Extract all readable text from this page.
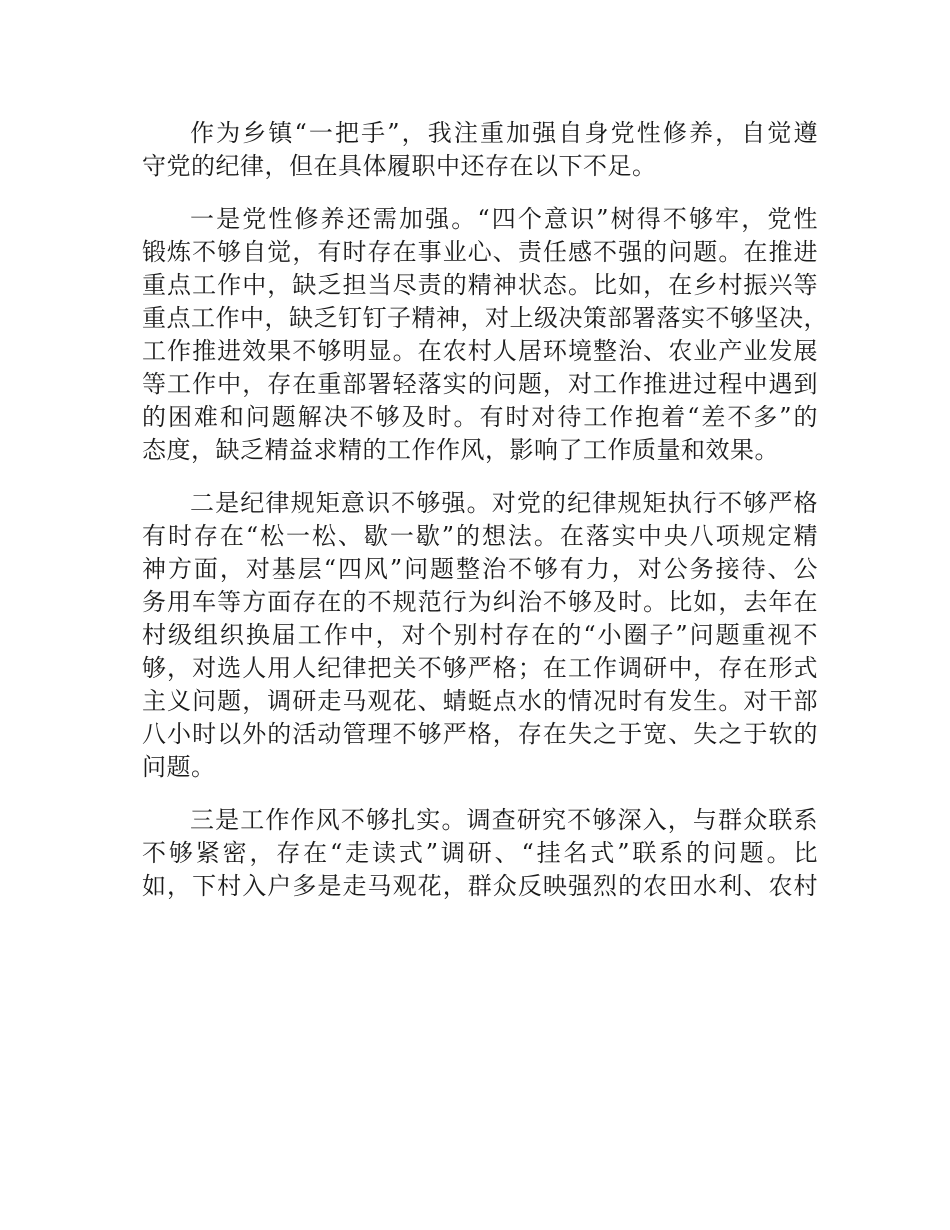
作为乡镇“一把手”，我注重加强自身党性修养，自觉遵
守党的纪律，但在具体履职中还存在以下不足。
一是党性修养还需加强。“四个意识”树得不够牢，党性
锻炼不够自觉，有时存在事业心、责任感不强的问题。在推进
重点工作中，缺乏担当尽责的精神状态。比如，在乡村振兴等
重点工作中，缺乏钉钉子精神，对上级决策部署落实不够坚决，
工作推进效果不够明显。在农村人居环境整治、农业产业发展
等工作中，存在重部署轻落实的问题，对工作推进过程中遇到
的困难和问题解决不够及时。有时对待工作抱着“差不多”的
态度，缺乏精益求精的工作作风，影响了工作质量和效果。
二是纪律规矩意识不够强。对党的纪律规矩执行不够严格
有时存在“松一松、歇一歇”的想法。在落实中央八项规定精
神方面，对基层“四风”问题整治不够有力，对公务接待、公
务用车等方面存在的不规范行为纠治不够及时。比如，去年在
村级组织换届工作中，对个别村存在的“小圈子”问题重视不
够，对选人用人纪律把关不够严格；在工作调研中，存在形式
主义问题，调研走马观花、蜻蜓点水的情况时有发生。对干部
八小时以外的活动管理不够严格，存在失之于宽、失之于软的
问题。
三是工作作风不够扎实。调查研究不够深入，与群众联系
不够紧密，存在“走读式”调研、“挂名式”联系的问题。比
如，下村入户多是走马观花，群众反映强烈的农田水利、农村
